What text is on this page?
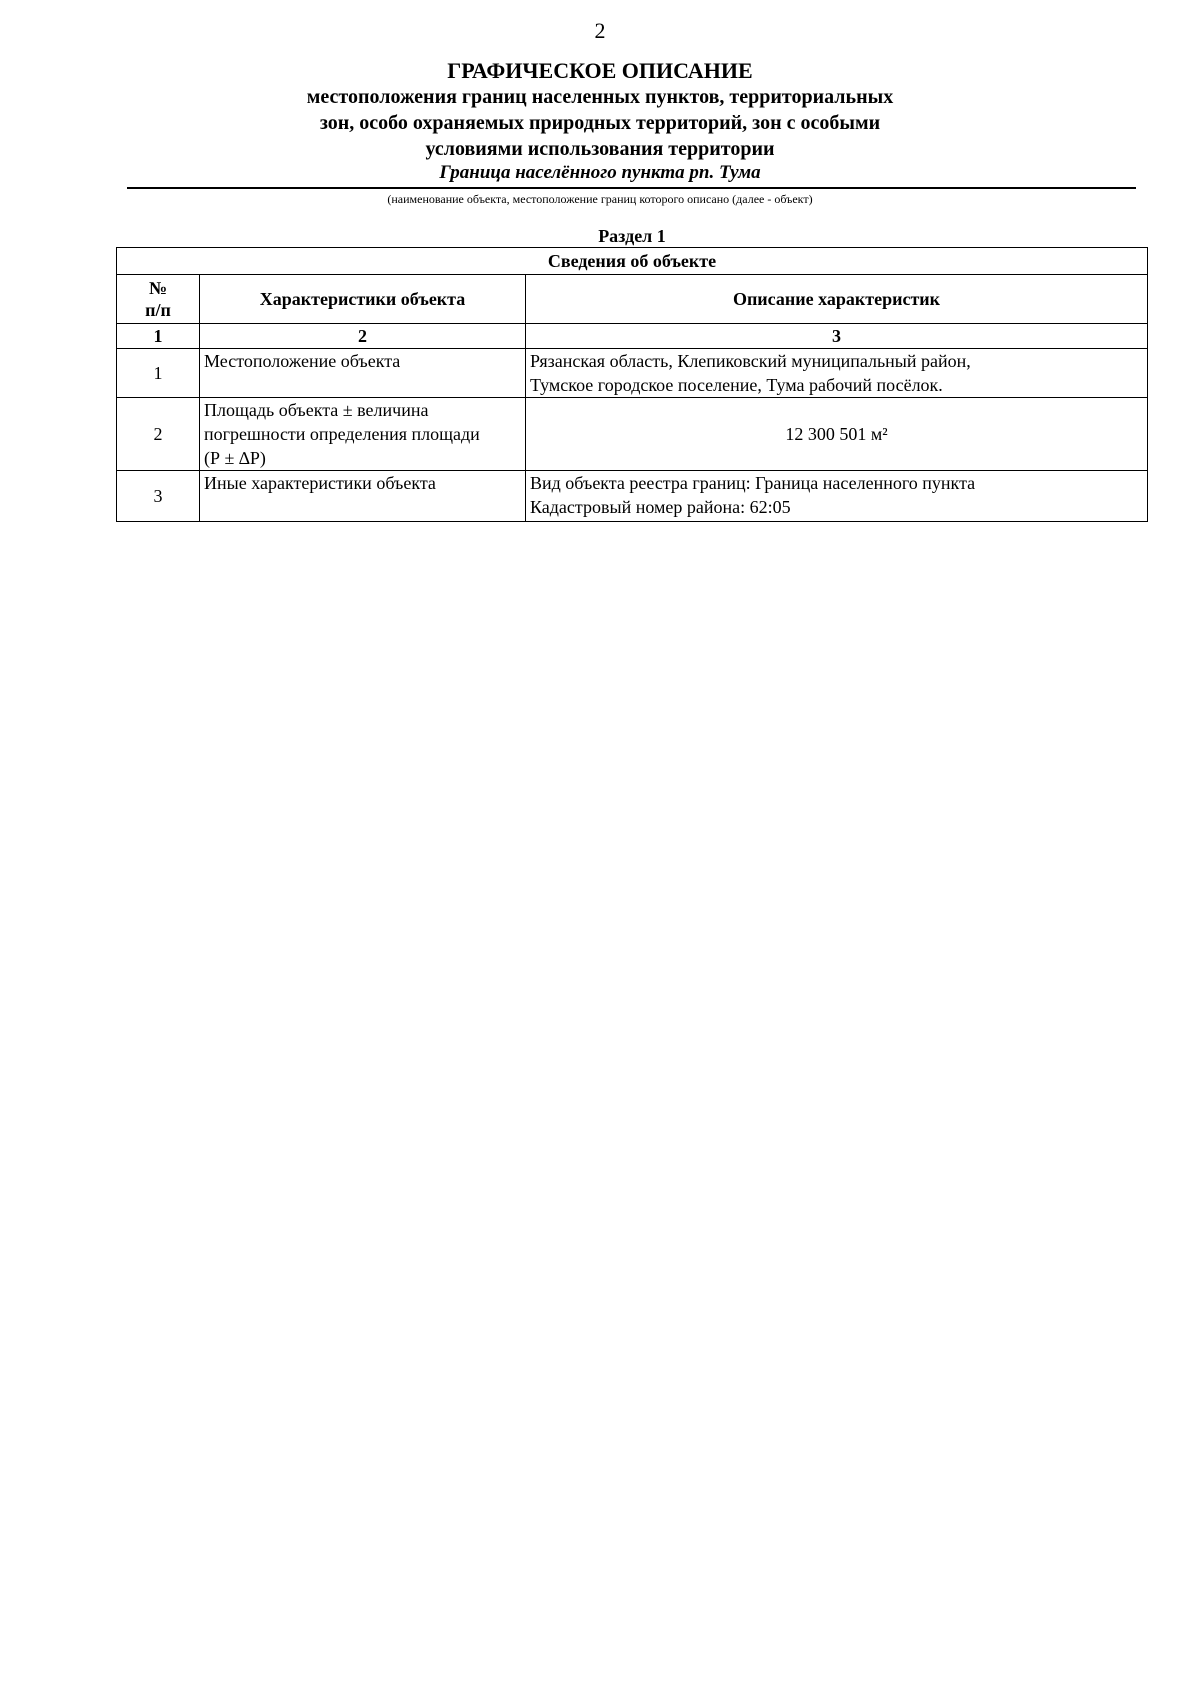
2
ГРАФИЧЕСКОЕ ОПИСАНИЕ
местоположения границ населенных пунктов, территориальных
зон, особо охраняемых природных территорий, зон с особыми
условиями использования территории
Граница населённого пункта рп. Тума
(наименование объекта, местоположение границ которого описано (далее - объект)
Раздел 1
Сведения об объекте		

№
п/п	Характеристики объекта	Описание характеристик
1	2	3
1	Местоположение объекта	Рязанская область, Клепиковский муниципальный район,
Тумское городское поселение, Тума рабочий посёлок.

2	Площадь объекта ± величина
погрешности определения площади
(Р ± ∆Р)	12 300 501 м²

3	Иные характеристики объекта	Вид объекта реестра границ: Граница населенного пункта
Кадастровый номер района: 62:05
